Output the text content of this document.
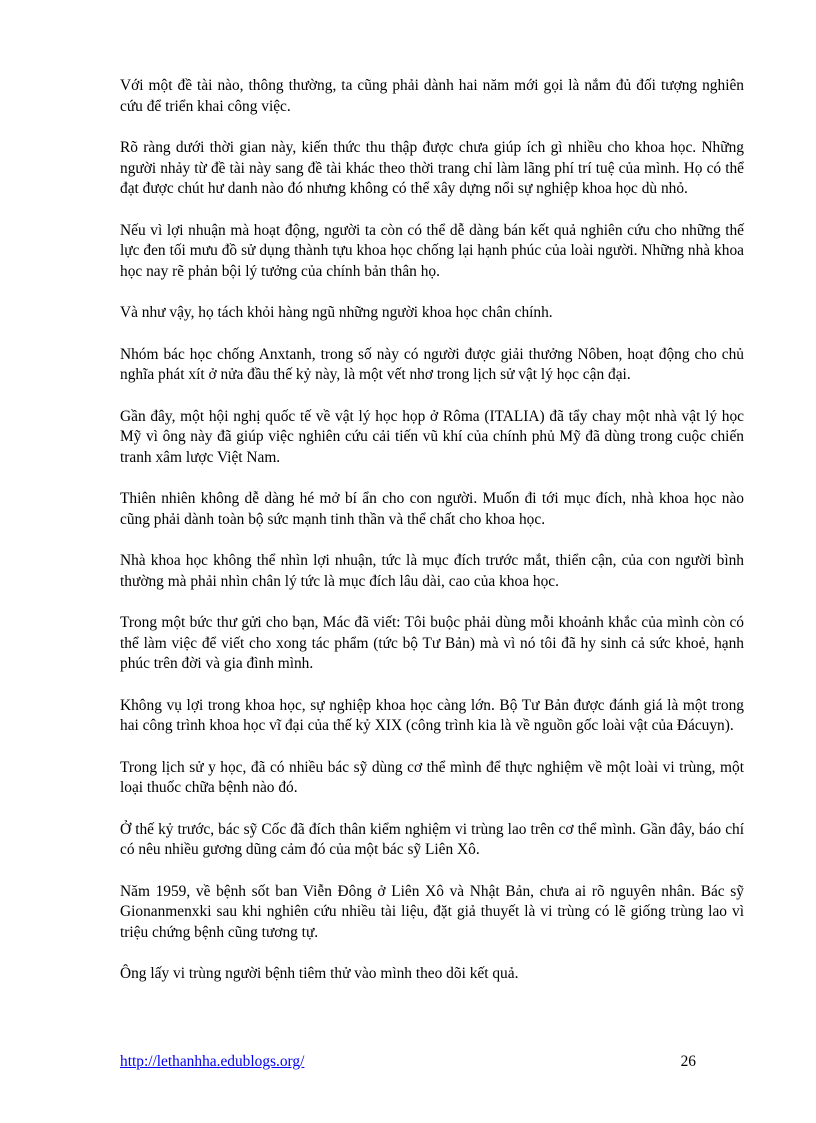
Với một đề tài nào, thông thường, ta cũng phải dành hai năm mới gọi là nắm đủ đối tượng nghiên cứu để triển khai công việc.

Rõ ràng dưới thời gian này, kiến thức thu thập được chưa giúp ích gì nhiều cho khoa học. Những người nhảy từ đề tài này sang đề tài khác theo thời trang chỉ làm lãng phí trí tuệ của mình. Họ có thể đạt được chút hư danh nào đó nhưng không có thể xây dựng nổi sự nghiệp khoa học dù nhỏ.

Nếu vì lợi nhuận mà hoạt động, người ta còn có thể dễ dàng bán kết quả nghiên cứu cho những thế lực đen tối mưu đồ sử dụng thành tựu khoa học chống lại hạnh phúc của loài người. Những nhà khoa học nay rẽ phản bội lý tưởng của chính bản thân họ.

Và như vậy, họ tách khỏi hàng ngũ những người khoa học chân chính.

Nhóm bác học chống Anxtanh, trong số này có người được giải thưởng Nôben, hoạt động cho chủ nghĩa phát xít ở nửa đầu thế kỷ này, là một vết nhơ trong lịch sử vật lý học cận đại.

Gần đây, một hội nghị quốc tế về vật lý học họp ở Rôma (ITALIA) đã tẩy chay một nhà vật lý học Mỹ vì ông này đã giúp việc nghiên cứu cải tiến vũ khí của chính phủ Mỹ đã dùng trong cuộc chiến tranh xâm lược Việt Nam.

Thiên nhiên không dễ dàng hé mở bí ẩn cho con người. Muốn đi tới mục đích, nhà khoa học nào cũng phải dành toàn bộ sức mạnh tinh thần và thể chất cho khoa học.

Nhà khoa học không thể nhìn lợi nhuận, tức là mục đích trước mắt, thiển cận, của con người bình thường mà phải nhìn chân lý tức là mục đích lâu dài, cao của khoa học.

Trong một bức thư gửi cho bạn, Mác đã viết: Tôi buộc phải dùng mỗi khoảnh khắc của mình còn có thể làm việc để viết cho xong tác phẩm (tức bộ Tư Bản) mà vì nó tôi đã hy sinh cả sức khoẻ, hạnh phúc trên đời và gia đình mình.

Không vụ lợi trong khoa học, sự nghiệp khoa học càng lớn. Bộ Tư Bản được đánh giá là một trong hai công trình khoa học vĩ đại của thế kỷ XIX (công trình kia là về nguồn gốc loài vật của Đácuyn).

Trong lịch sử y học, đã có nhiều bác sỹ dùng cơ thể mình để thực nghiệm về một loài vi trùng, một loại thuốc chữa bệnh nào đó.

Ở thế kỷ trước, bác sỹ Cốc đã đích thân kiểm nghiệm vi trùng lao trên cơ thể mình. Gần đây, báo chí có nêu nhiều gương dũng cảm đó của một bác sỹ Liên Xô.

Năm 1959, về bệnh sốt ban Viễn Đông ở Liên Xô và Nhật Bản, chưa ai rõ nguyên nhân. Bác sỹ Gionanmenxki sau khi nghiên cứu nhiều tài liệu, đặt giả thuyết là vi trùng có lẽ giống trùng lao vì triệu chứng bệnh cũng tương tự.

Ông lấy vi trùng người bệnh tiêm thử vào mình theo dõi kết quả.

http://lethanhha.edublogs.org/	26
